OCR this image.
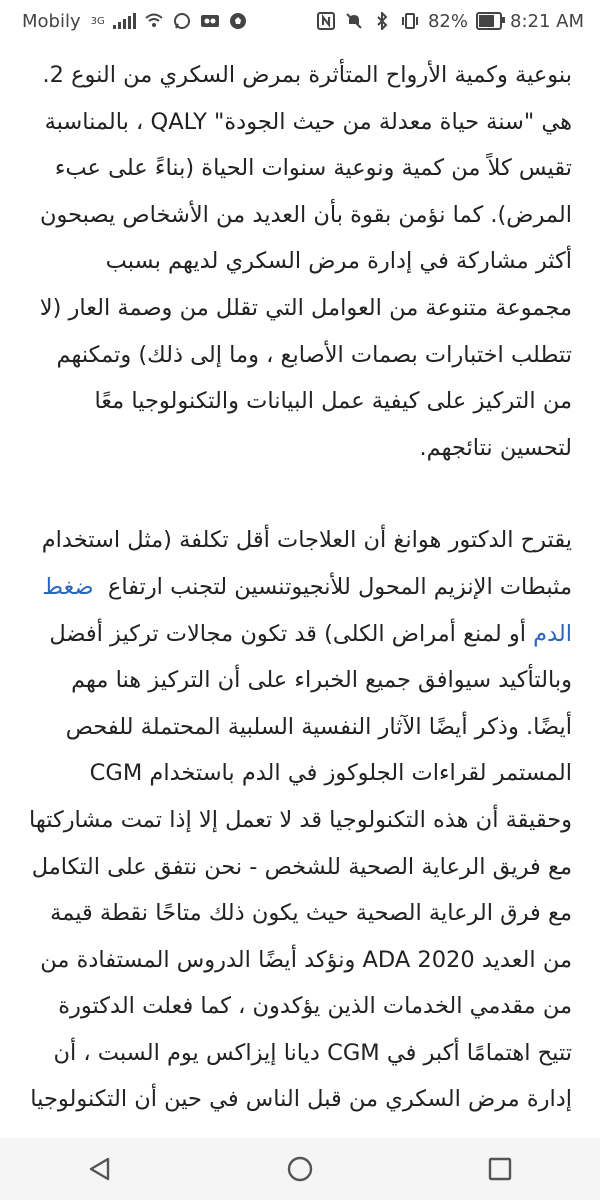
Mobily 3G	82% 8:21 AM

بنوعية وكمية الأرواح المتأثرة بمرض السكري من النوع 2. هي "سنة حياة معدلة من حيث الجودة" QALY ، بالمناسبة تقيس كلاً من كمية ونوعية سنوات الحياة (بناءً على عبء المرض). كما نؤمن بقوة بأن العديد من الأشخاص يصبحون أكثر مشاركة في إدارة مرض السكري لديهم بسبب مجموعة متنوعة من العوامل التي تقلل من وصمة العار (لا تتطلب اختبارات بصمات الأصابع ، وما إلى ذلك) وتمكنهم من التركيز على كيفية عمل البيانات والتكنولوجيا معًا لتحسين نتائجهم.

يقترح الدكتور هوانغ أن العلاجات أقل تكلفة (مثل استخدام مثبطات الإنزيم المحول للأنجيوتنسين لتجنب ارتفاع  ضغط الدم أو لمنع أمراض الكلى) قد تكون مجالات تركيز أفضل وبالتأكيد سيوافق جميع الخبراء على أن التركيز هنا مهم أيضًا. وذكر أيضًا الآثار النفسية السلبية المحتملة للفحص المستمر لقراءات الجلوكوز في الدم باستخدام CGM وحقيقة أن هذه التكنولوجيا قد لا تعمل إلا إذا تمت مشاركتها مع فريق الرعاية الصحية للشخص - نحن نتفق على التكامل مع فرق الرعاية الصحية حيث يكون ذلك متاحًا نقطة قيمة من العديد ADA 2020 ونؤكد أيضًا الدروس المستفادة من من مقدمي الخدمات الذين يؤكدون ، كما فعلت الدكتورة تتيح اهتمامًا أكبر في CGM ديانا إيزاكس يوم السبت ، أن إدارة مرض السكري من قبل الناس في حين أن التكنولوجيا
